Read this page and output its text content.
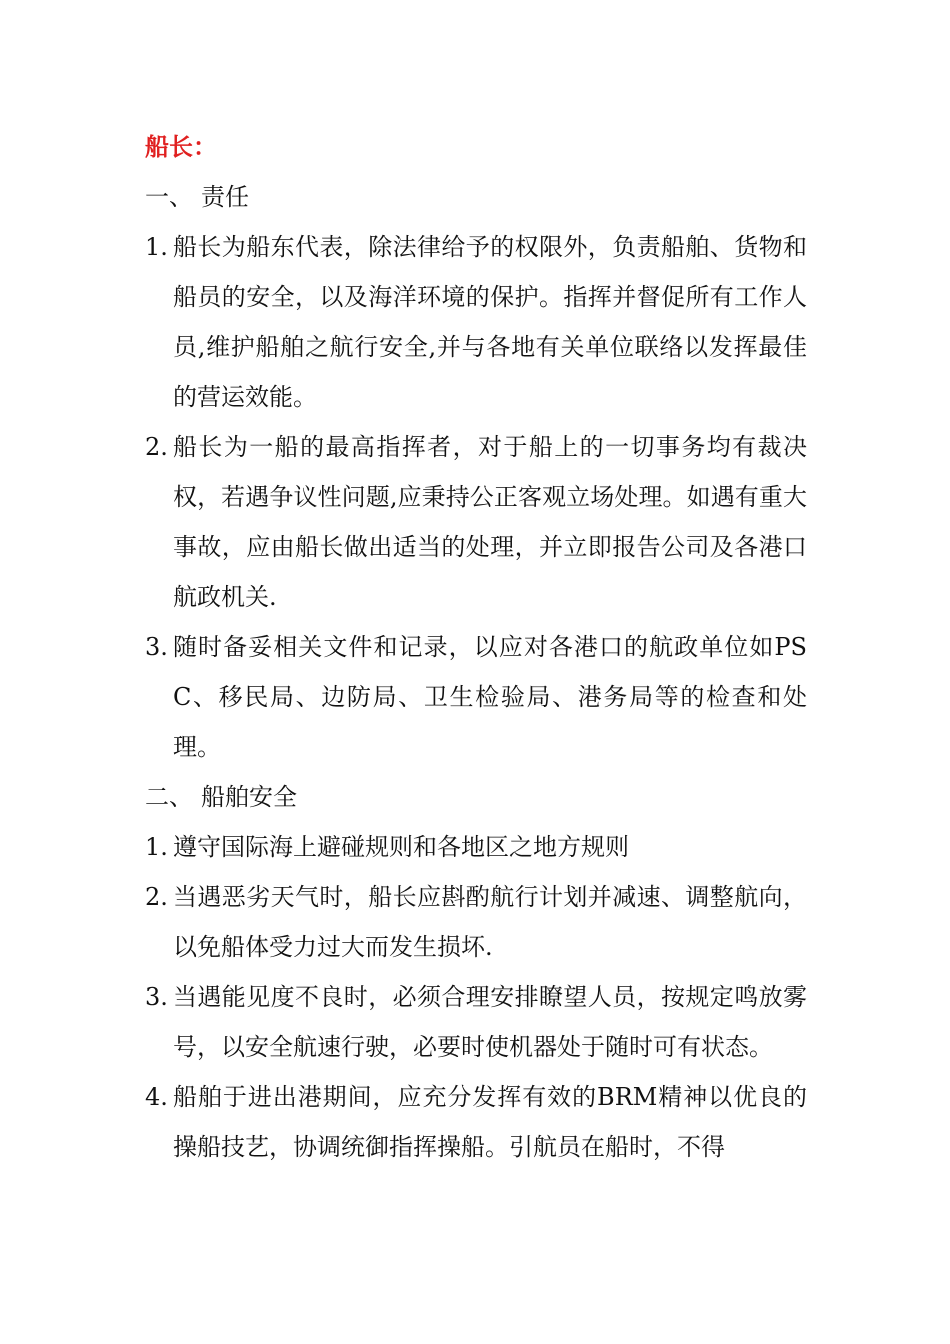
船长：

一、 责任

1. 船长为船东代表，除法律给予的权限外，负责船舶、货物和船员的安全，以及海洋环境的保护。指挥并督促所有工作人员,维护船舶之航行安全,并与各地有关单位联络以发挥最佳的营运效能。
2. 船长为一船的最高指挥者，对于船上的一切事务均有裁决权，若遇争议性问题,应秉持公正客观立场处理。如遇有重大事故，应由船长做出适当的处理，并立即报告公司及各港口航政机关.
3. 随时备妥相关文件和记录，以应对各港口的航政单位如PSC、移民局、边防局、卫生检验局、港务局等的检查和处理。

二、 船舶安全

1. 遵守国际海上避碰规则和各地区之地方规则
2. 当遇恶劣天气时，船长应斟酌航行计划并减速、调整航向，以免船体受力过大而发生损坏.
3. 当遇能见度不良时，必须合理安排瞭望人员，按规定鸣放雾号，以安全航速行驶，必要时使机器处于随时可有状态。
4. 船舶于进出港期间，应充分发挥有效的BRM精神以优良的操船技艺，协调统御指挥操船。引航员在船时，不得
